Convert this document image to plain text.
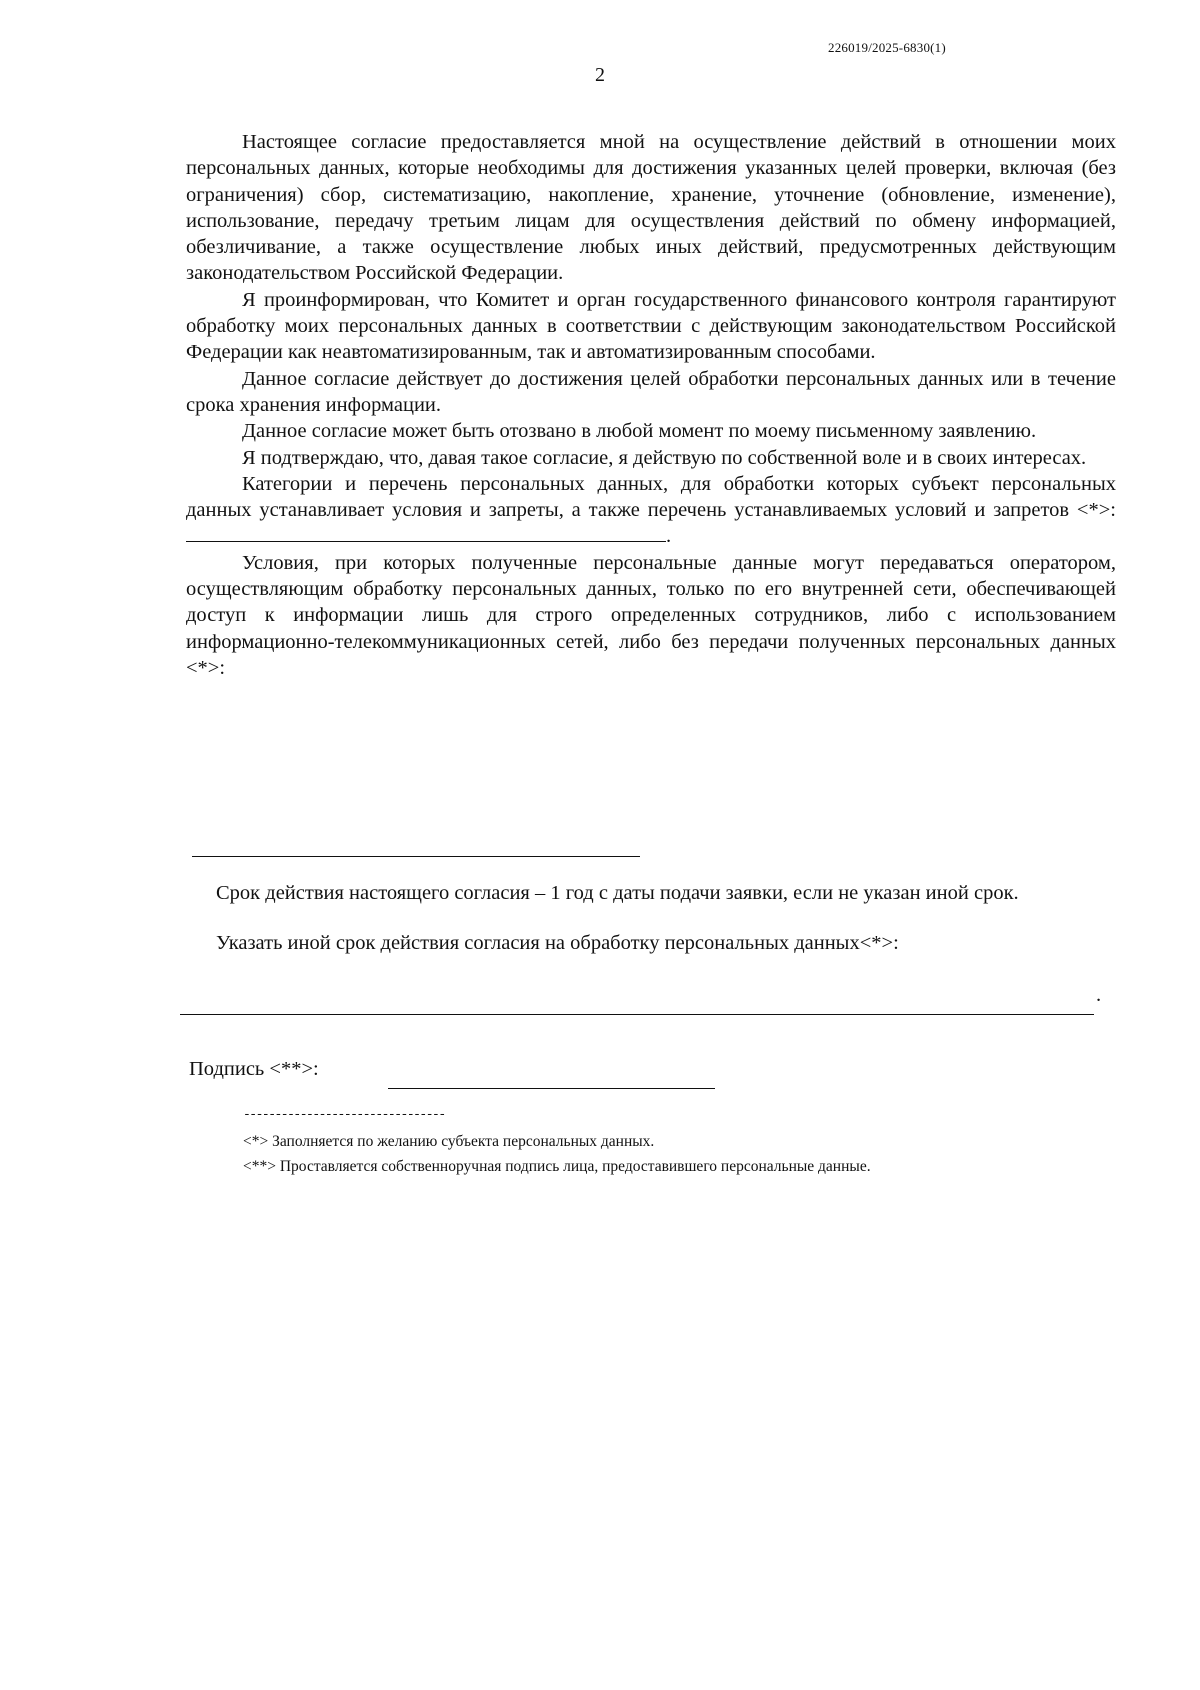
226019/2025-6830(1)
2

Настоящее согласие предоставляется мной на осуществление действий в отношении моих персональных данных, которые необходимы для достижения указанных целей проверки, включая (без ограничения) сбор, систематизацию, накопление, хранение, уточнение (обновление, изменение), использование, передачу третьим лицам для осуществления действий по обмену информацией, обезличивание, а также осуществление любых иных действий, предусмотренных действующим законодательством Российской Федерации.

Я проинформирован, что Комитет и орган государственного финансового контроля гарантируют обработку моих персональных данных в соответствии с действующим законодательством Российской Федерации как неавтоматизированным, так и автоматизированным способами.

Данное согласие действует до достижения целей обработки персональных данных или в течение срока хранения информации.

Данное согласие может быть отозвано в любой момент по моему письменному заявлению.

Я подтверждаю, что, давая такое согласие, я действую по собственной воле и в своих интересах.

Категории и перечень персональных данных, для обработки которых субъект персональных данных устанавливает условия и запреты, а также перечень устанавливаемых условий и запретов <*>: .

Условия, при которых полученные персональные данные могут передаваться оператором, осуществляющим обработку персональных данных, только по его внутренней сети, обеспечивающей доступ к информации лишь для строго определенных сотрудников, либо с использованием информационно-телекоммуникационных сетей, либо без передачи полученных персональных данных <*>:

Срок действия настоящего согласия – 1 год с даты подачи заявки, если не указан иной срок.

Указать иной срок действия согласия на обработку персональных данных<*>:
.
Подпись <**>:
--------------------------------
<*> Заполняется по желанию субъекта персональных данных.
<**> Проставляется собственноручная подпись лица, предоставившего персональные данные.
